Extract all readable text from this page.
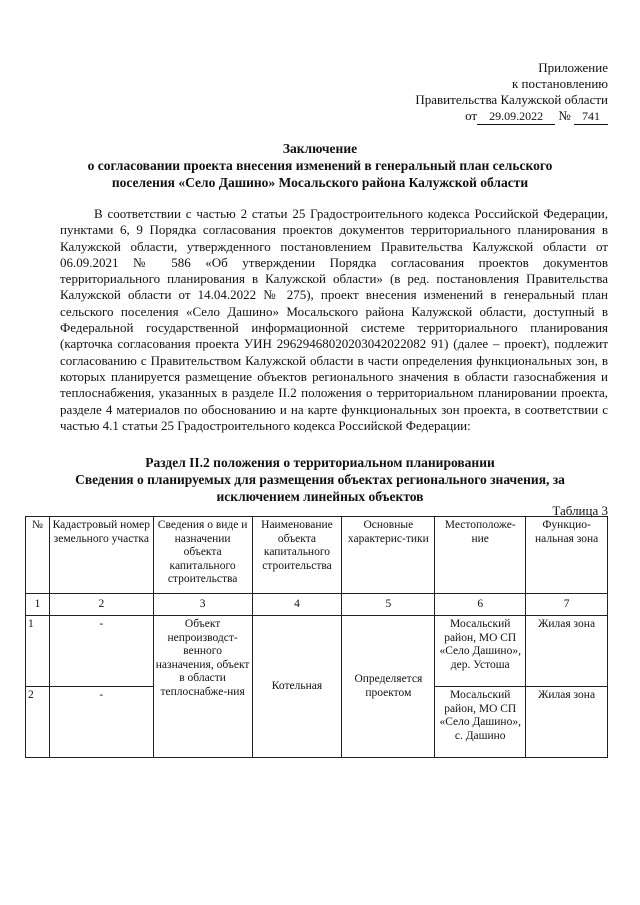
Приложение
к постановлению
Правительства Калужской области
от 29.09.2022 № 741
Заключение
о согласовании проекта внесения изменений в генеральный план сельского
поселения «Село Дашино» Мосальского района Калужской области

В соответствии с частью 2 статьи 25 Градостроительного кодекса Российской Федерации, пунктами 6, 9 Порядка согласования проектов документов территориального планирования в Калужской области, утвержденного постановлением Правительства Калужской области от 06.09.2021 № 586 «Об утверждении Порядка согласования проектов документов территориального планирования в Калужской области» (в ред. постановления Правительства Калужской области от 14.04.2022 № 275), проект внесения изменений в генеральный план сельского поселения «Село Дашино» Мосальского района Калужской области, доступный в Федеральной государственной информационной системе территориального планирования (карточка согласования проекта УИН 29629468020203042022082 91) (далее – проект), подлежит согласованию с Правительством Калужской области в части определения функциональных зон, в которых планируется размещение объектов регионального значения в области газоснабжения и теплоснабжения, указанных в разделе II.2 положения о территориальном планировании проекта, разделе 4 материалов по обоснованию и на карте функциональных зон проекта, в соответствии с частью 4.1 статьи 25 Градостроительного кодекса Российской Федерации:

Раздел II.2 положения о территориальном планировании
Сведения о планируемых для размещения объектах регионального значения, за
исключением линейных объектов
Таблица 3
№	Кадастровый номер земельного участка	Сведения о виде и назначении объекта капитального строительства	Наименование объекта капитального строительства	Основные характерис-тики	Местоположе-ние	Функцио-нальная зона
1	2	3	4	5	6	7
1	-	Объект непроизводст-венного назначения, объект в области теплоснабже-ния	Котельная	Определяется проектом	Мосальский район, МО СП «Село Дашино», дер. Устоша	Жилая зона
2	-				Мосальский район, МО СП «Село Дашино», с. Дашино	Жилая зона
